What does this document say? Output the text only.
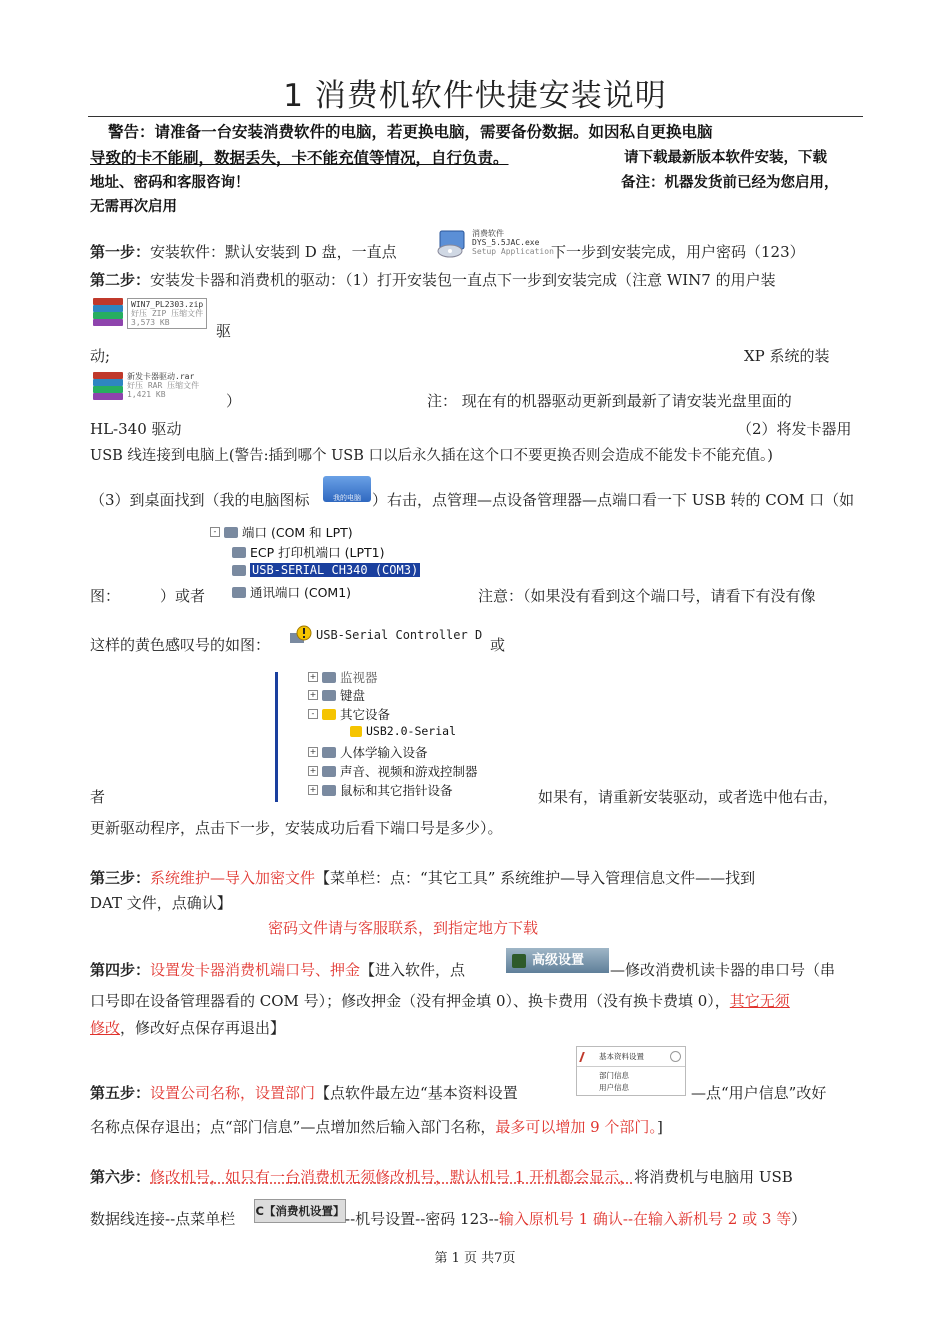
1 消费机软件快捷安装说明
警告：请准备一台安装消费软件的电脑，若更换电脑，需要备份数据。如因私自更换电脑
导致的卡不能刷，数据丢失，卡不能充值等情况，自行负责。	请下载最新版本软件安装，下载
地址、密码和客服咨询！	备注：机器发货前已经为您启用，
无需再次启用
第一步：安装软件：默认安装到 D 盘，一直点
消费软件
DYS_5.5JAC.exe
Setup Application
下一步到安装完成，用户密码（123）
第二步：安装发卡器和消费机的驱动：（1）打开安装包一直点下一步到安装完成（注意 WIN7 的用户装
WIN7_PL2303.zip
好压 ZIP 压缩文件
3,573 KB	驱
动;	XP 系统的装
新发卡器驱动.rar
好压 RAR 压缩文件
1,421 KB	）	注： 现在有的机器驱动更新到最新了请安装光盘里面的
HL-340 驱动	（2）将发卡器用
USB 线连接到电脑上(警告:插到哪个 USB 口以后永久插在这个口不要更换否则会造成不能发卡不能充值。)
（3）到桌面找到（我的电脑图标	我的电脑 ）右击，点管理—点设备管理器—点端口看一下 USB 转的 COM 口（如
- 端口 (COM 和 LPT)
ECP 打印机端口 (LPT1)
USB-SERIAL CH340 (COM3)
通讯端口 (COM1)
图：	）或者	注意：（如果没有看到这个端口号，请看下有没有像
这样的黄色感叹号的如图：
USB-Serial Controller D
或
+ 监视器
+ 键盘
- 其它设备
USB2.0-Serial
+ 人体学输入设备
+ 声音、视频和游戏控制器
+ 鼠标和其它指针设备
者	如果有，请重新安装驱动，或者选中他右击，
更新驱动程序，点击下一步，安装成功后看下端口号是多少）。
第三步：系统维护—导入加密文件【菜单栏：点：“其它工具” 系统维护—导入管理信息文件——找到
DAT 文件，点确认】
密码文件请与客服联系，到指定地方下载
第四步：设置发卡器消费机端口号、押金【进入软件，点
高级设置
—修改消费机读卡器的串口号（串
口号即在设备管理器看的 COM 号）；修改押金（没有押金填 0）、换卡费用（没有换卡费填 0），其它无须
修改，修改好点保存再退出】
基本资料设置
部门信息
用户信息
第五步：设置公司名称，设置部门【点软件最左边“基本资料设置	—点“用户信息”改好
名称点保存退出；点“部门信息”—点增加然后输入部门名称，最多可以增加 9 个部门。]
第六步：修改机号，如只有一台消费机无须修改机号，默认机号 1 开机都会显示，将消费机与电脑用 USB
数据线连接--点菜单栏 C【消费机设置】 --机号设置--密码 123--输入原机号 1 确认--在输入新机号 2 或 3 等）
第 1 页 共7页
